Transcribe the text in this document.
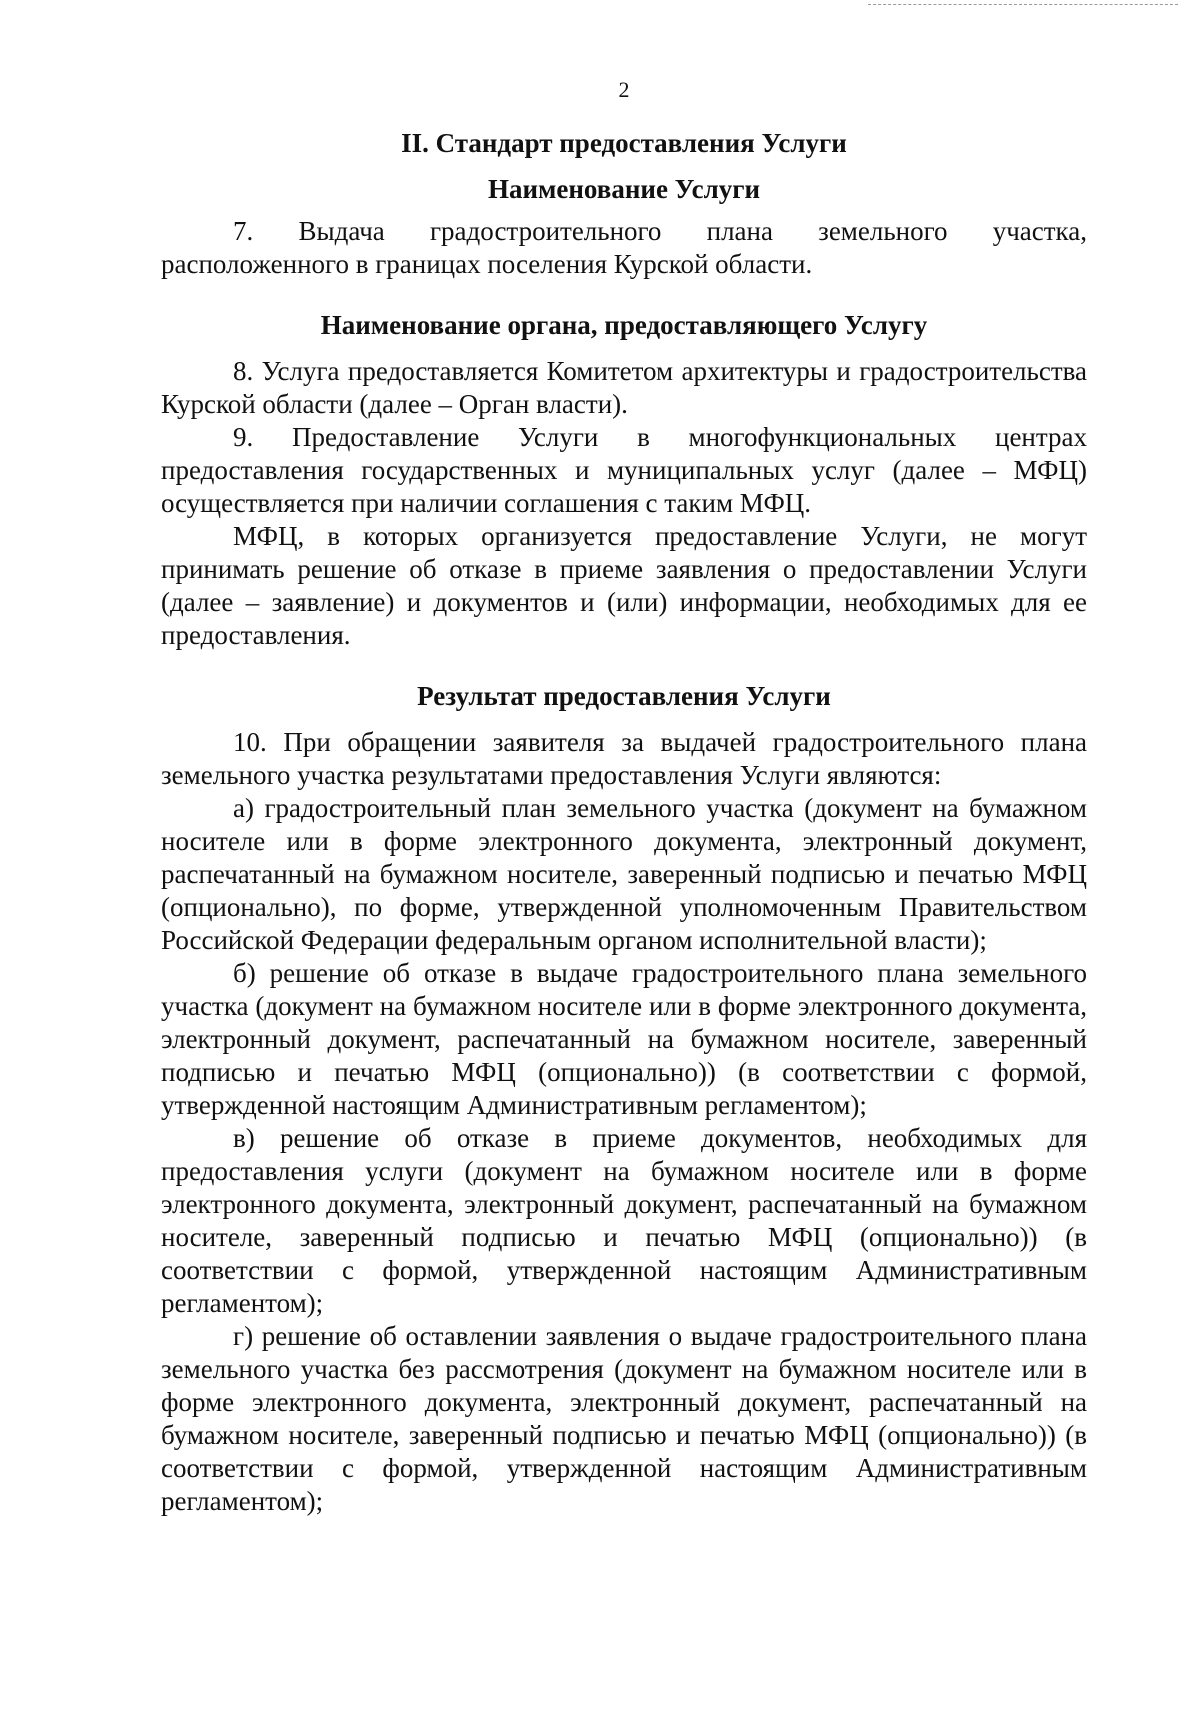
2
II. Стандарт предоставления Услуги
Наименование Услуги

7. Выдача градостроительного плана земельного участка, расположенного в границах поселения Курской области.

Наименование органа, предоставляющего Услугу

8. Услуга предоставляется Комитетом архитектуры и градостроительства Курской области (далее – Орган власти).

9. Предоставление Услуги в многофункциональных центрах предоставления государственных и муниципальных услуг (далее – МФЦ) осуществляется при наличии соглашения с таким МФЦ.

МФЦ, в которых организуется предоставление Услуги, не могут принимать решение об отказе в приеме заявления о предоставлении Услуги (далее – заявление) и документов и (или) информации, необходимых для ее предоставления.

Результат предоставления Услуги

10. При обращении заявителя за выдачей градостроительного плана земельного участка результатами предоставления Услуги являются:

а) градостроительный план земельного участка (документ на бумажном носителе или в форме электронного документа, электронный документ, распечатанный на бумажном носителе, заверенный подписью и печатью МФЦ (опционально), по форме, утвержденной уполномоченным Правительством Российской Федерации федеральным органом исполнительной власти);

б) решение об отказе в выдаче градостроительного плана земельного участка (документ на бумажном носителе или в форме электронного документа, электронный документ, распечатанный на бумажном носителе, заверенный подписью и печатью МФЦ (опционально)) (в соответствии с формой, утвержденной настоящим Административным регламентом);

в) решение об отказе в приеме документов, необходимых для предоставления услуги (документ на бумажном носителе или в форме электронного документа, электронный документ, распечатанный на бумажном носителе, заверенный подписью и печатью МФЦ (опционально)) (в соответствии с формой, утвержденной настоящим Административным регламентом);

г) решение об оставлении заявления о выдаче градостроительного плана земельного участка без рассмотрения (документ на бумажном носителе или в форме электронного документа, электронный документ, распечатанный на бумажном носителе, заверенный подписью и печатью МФЦ (опционально)) (в соответствии с формой, утвержденной настоящим Административным регламентом);
